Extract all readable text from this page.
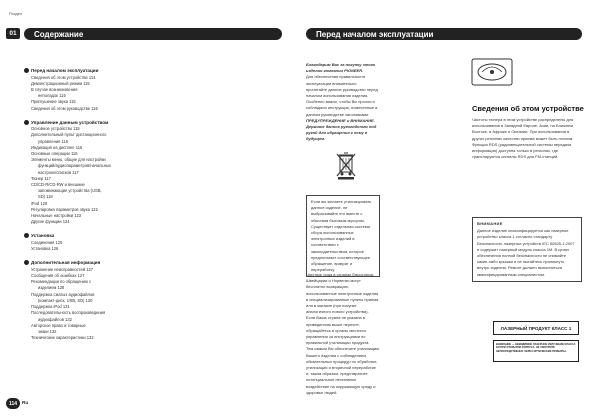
Раздел
01	Содержание	Перед началом эксплуатации
Перед началом эксплуатации
Сведения об этом устройстве 114
Демонстрационный режим 115
В случае возникновения
неполадок 115
Приглушение звука 115
Сведения об этом руководстве 115
Управление данным устройством
Основное устройство 115
Дополнительный пульт дистанционного
управления 115
Индикация на дисплее 116
Основные операции 116
Элементы меню, общие для настройки
функций/аудиопараметров/начальных
настроек/списков 117
Тюнер 117
CD/CD-R/CD-RW и внешние
запоминающие устройства (USB,
SD) 119
iPod 120
Регулировка параметров звука 122
Начальные настройки 123
Другие функции 124
Установка
Соединения 125
Установка 126
Дополнительная информация
Устранение неисправностей 127
Сообщения об ошибках 127
Рекомендации по обращению с
изделием 128
Поддержка сжатых аудиофайлов
(компакт-диск, USB, SD) 130
Поддержка iPod 131
Последовательность воспроизведения
аудиофайлов 132
Авторское право и товарные
знаки 132
Технические характеристики 132
Благодарим Вас за покупку этого изделия компании PIONEER.
Для обеспечения правильности эксплуатации внимательно прочитайте данное руководство перед началом использования изделия. Особенно важно, чтобы Вы прочли и соблюдали инструкции, помеченные в данном руководстве заголовками ПРЕДУПРЕЖДЕНИЕ и ВНИМАНИЕ. Держите данное руководство под рукой для обращения к нему в будущем.
Если вы желаете утилизировать данное изделие, не выбрасывайте его вместе с обычным бытовым мусором. Существует отдельная система сбора использованных электронных изделий в соответствии с законодательством, которое предполагает соответствующее обращение, возврат и переработку.
Частные лица в странах Евросоюза, Швейцарии и Норвегии могут бесплатно возвращать использованные электронные изделия в специализированные пункты приема или в магазин (при покупке аналогичного нового устройства).
Если Ваша страна не указана в приведенном выше перечне, обращайтесь в органы местного управления за инструкциями по правильной утилизации продукта.
Тем самым Вы обеспечите утилизацию Вашего изделия с соблюдением обязательных процедур по обработке, утилизации и вторичной переработке и, таким образом, предотвратите потенциальное негативное воздействие на окружающую среду и здоровье людей.
Сведения об этом устройстве
Частоты тюнера в этом устройстве распределены для использования в Западной Европе, Азии, на Ближнем Востоке, в Африке и Океании. При использовании в других регионах качество приема может быть плохим. Функция RDS (радиовещательной системы передачи информации) доступна только в регионах, где транслируются сигналы RDS для FM-станций.
ВНИМАНИЕ
Данное изделие классифицируется как лазерное устройство класса 1 согласно стандарту Безопасность лазерных устройств IEC 60825-1:2007 и содержит лазерный модуль класса 1M. В целях обеспечения полной безопасности не снимайте какие-либо крышки и не пытайтесь проникнуть внутрь изделия. Ремонт должен выполняться квалифицированным специалистом.
ЛАЗЕРНЫЙ ПРОДУКТ КЛАСС 1
ВНИМАНИЕ — НЕВИДИМОЕ ЛАЗЕРНОЕ ИЗЛУЧЕНИЕ КЛАССА 1M ПРИ ОТКРЫТИИ КОРПУСА. НЕ СМОТРИТЕ НЕПОСРЕДСТВЕННО ЧЕРЕЗ ОПТИЧЕСКИЕ ПРИБОРЫ.
114	Ru
